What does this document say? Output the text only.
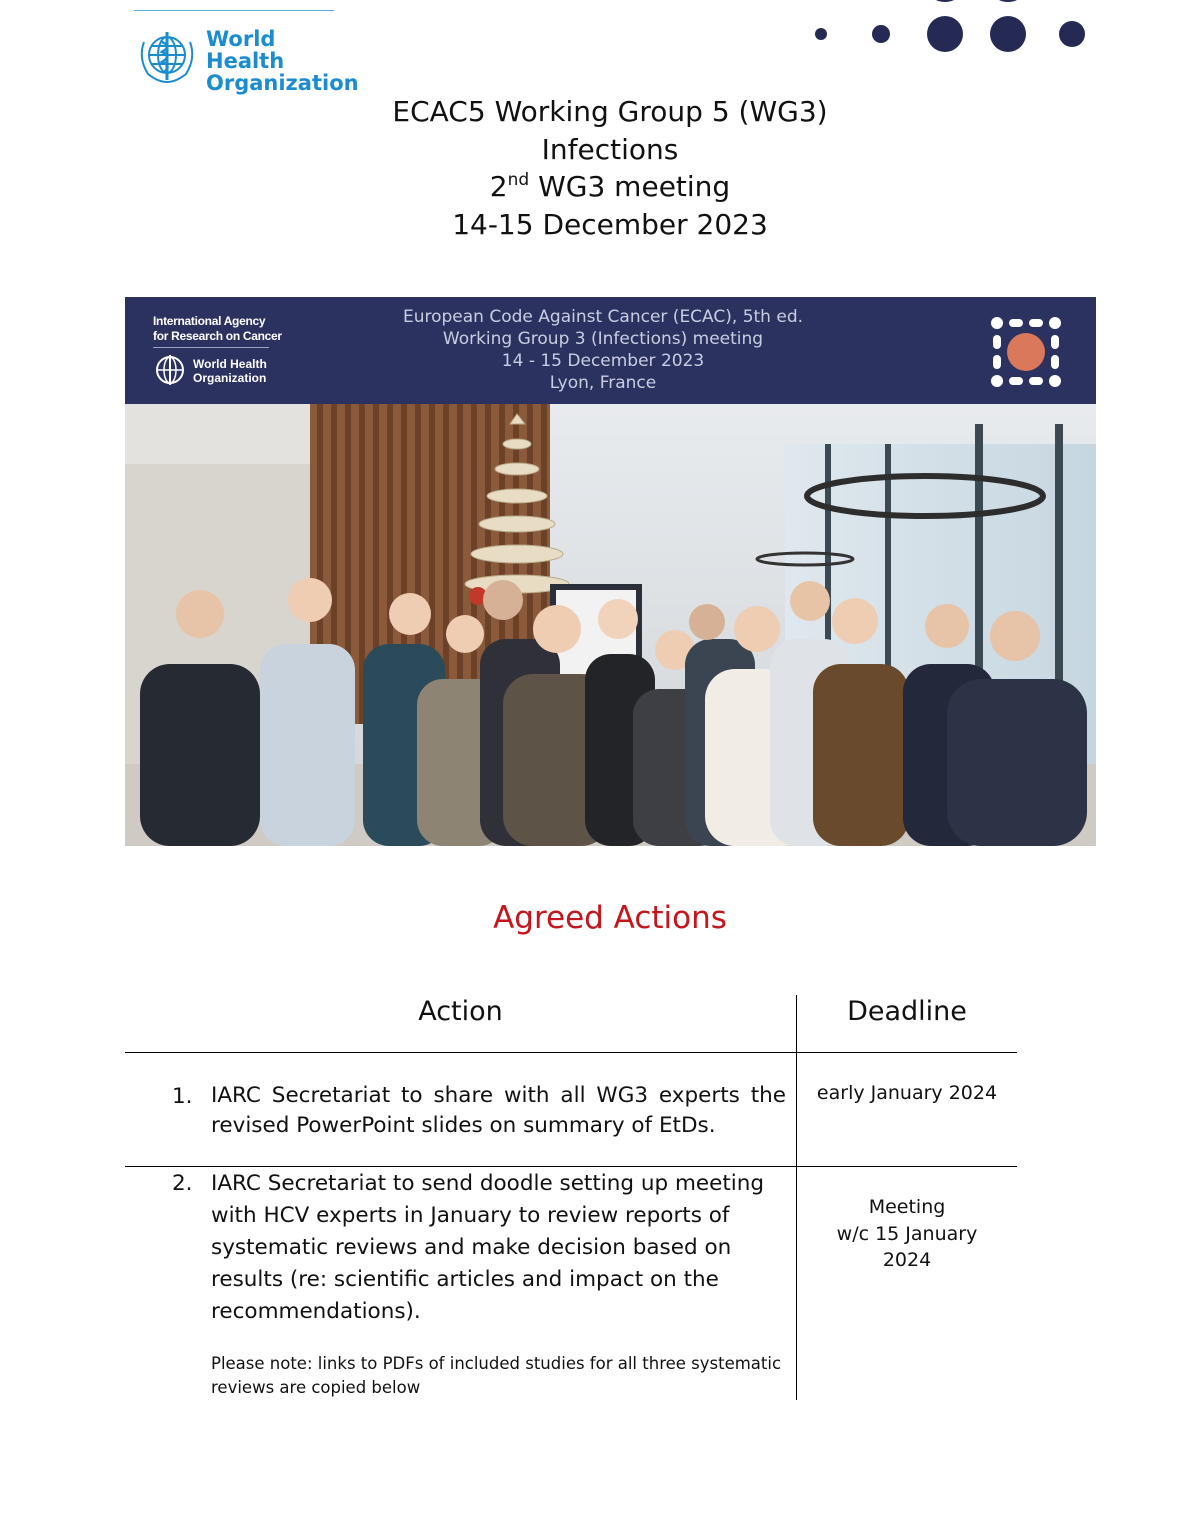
World Health
Organization
ECAC5 Working Group 5 (WG3)
Infections
2nd WG3 meeting
14-15 December 2023
International Agency
for Research on Cancer
World Health
Organization
European Code Against Cancer (ECAC), 5th ed.
Working Group 3 (Infections) meeting
14 - 15 December 2023
Lyon, France
Agreed Actions
Action	Deadline
1. IARC Secretariat to share with all WG3 experts the revised PowerPoint slides on summary of EtDs.
early January 2024
2. IARC Secretariat to send doodle setting up meeting with HCV experts in January to review reports of systematic reviews and make decision based on results (re: scientific articles and impact on the recommendations).
Please note: links to PDFs of included studies for all three systematic reviews are copied below
Meeting
w/c 15 January
2024
